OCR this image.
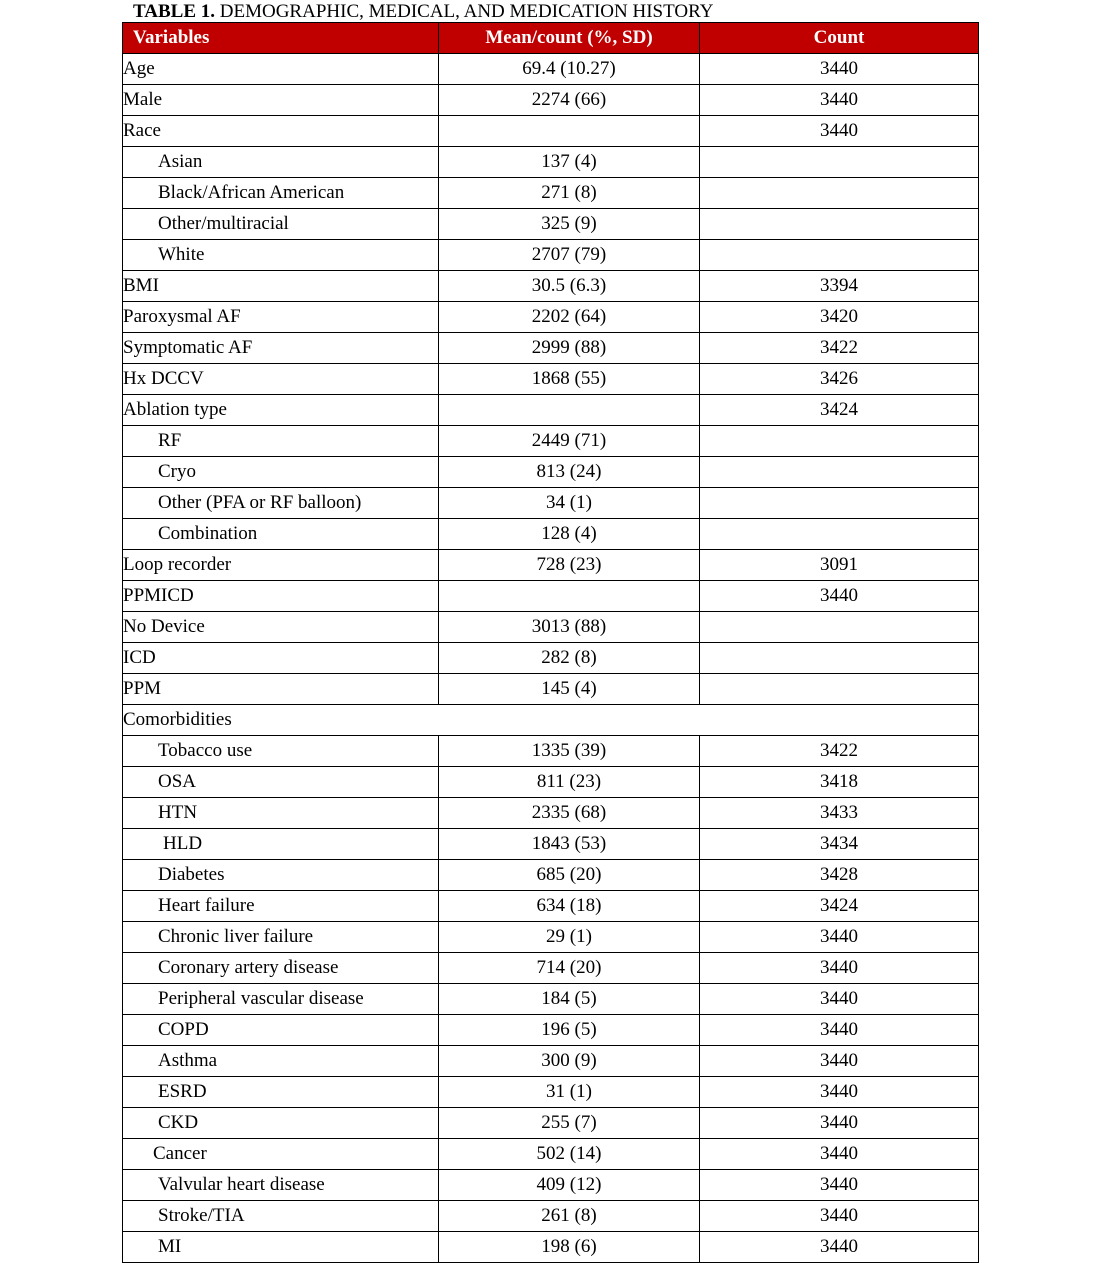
TABLE 1. DEMOGRAPHIC, MEDICAL, AND MEDICATION HISTORY
Variables	Mean/count (%, SD)	Count
Age	69.4 (10.27)	3440
Male	2274 (66)	3440
Race		3440
Asian	137 (4)	
Black/African American	271 (8)	
Other/multiracial	325 (9)	
White	2707 (79)	
BMI	30.5 (6.3)	3394
Paroxysmal AF	2202 (64)	3420
Symptomatic AF	2999 (88)	3422
Hx DCCV	1868 (55)	3426
Ablation type		3424
RF	2449 (71)	
Cryo	813 (24)	
Other (PFA or RF balloon)	34 (1)	
Combination	128 (4)	
Loop recorder	728 (23)	3091
PPMICD		3440
No Device	3013 (88)	
ICD	282 (8)	
PPM	145 (4)	
Comorbidities		
Tobacco use	1335 (39)	3422
OSA	811 (23)	3418
HTN	2335 (68)	3433
HLD	1843 (53)	3434
Diabetes	685 (20)	3428
Heart failure	634 (18)	3424
Chronic liver failure	29 (1)	3440
Coronary artery disease	714 (20)	3440
Peripheral vascular disease	184 (5)	3440
COPD	196 (5)	3440
Asthma	300 (9)	3440
ESRD	31 (1)	3440
CKD	255 (7)	3440
Cancer	502 (14)	3440
Valvular heart disease	409 (12)	3440
Stroke/TIA	261 (8)	3440
MI	198 (6)	3440
